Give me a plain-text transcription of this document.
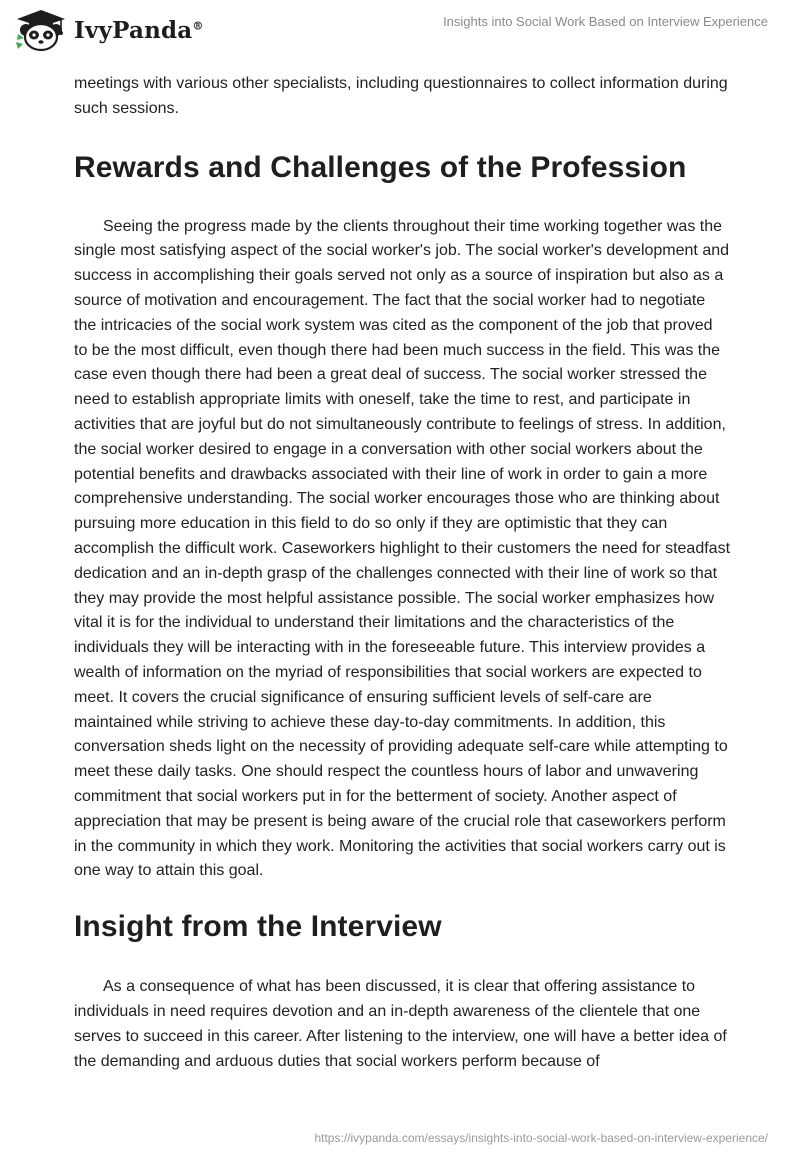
IvyPanda®	Insights into Social Work Based on Interview Experience

meetings with various other specialists, including questionnaires to collect information during such sessions.

Rewards and Challenges of the Profession

Seeing the progress made by the clients throughout their time working together was the single most satisfying aspect of the social worker's job. The social worker's development and success in accomplishing their goals served not only as a source of inspiration but also as a source of motivation and encouragement. The fact that the social worker had to negotiate the intricacies of the social work system was cited as the component of the job that proved to be the most difficult, even though there had been much success in the field. This was the case even though there had been a great deal of success. The social worker stressed the need to establish appropriate limits with oneself, take the time to rest, and participate in activities that are joyful but do not simultaneously contribute to feelings of stress. In addition, the social worker desired to engage in a conversation with other social workers about the potential benefits and drawbacks associated with their line of work in order to gain a more comprehensive understanding. The social worker encourages those who are thinking about pursuing more education in this field to do so only if they are optimistic that they can accomplish the difficult work. Caseworkers highlight to their customers the need for steadfast dedication and an in-depth grasp of the challenges connected with their line of work so that they may provide the most helpful assistance possible. The social worker emphasizes how vital it is for the individual to understand their limitations and the characteristics of the individuals they will be interacting with in the foreseeable future. This interview provides a wealth of information on the myriad of responsibilities that social workers are expected to meet. It covers the crucial significance of ensuring sufficient levels of self-care are maintained while striving to achieve these day-to-day commitments. In addition, this conversation sheds light on the necessity of providing adequate self-care while attempting to meet these daily tasks. One should respect the countless hours of labor and unwavering commitment that social workers put in for the betterment of society. Another aspect of appreciation that may be present is being aware of the crucial role that caseworkers perform in the community in which they work. Monitoring the activities that social workers carry out is one way to attain this goal.

Insight from the Interview

As a consequence of what has been discussed, it is clear that offering assistance to individuals in need requires devotion and an in-depth awareness of the clientele that one serves to succeed in this career. After listening to the interview, one will have a better idea of the demanding and arduous duties that social workers perform because of

https://ivypanda.com/essays/insights-into-social-work-based-on-interview-experience/
